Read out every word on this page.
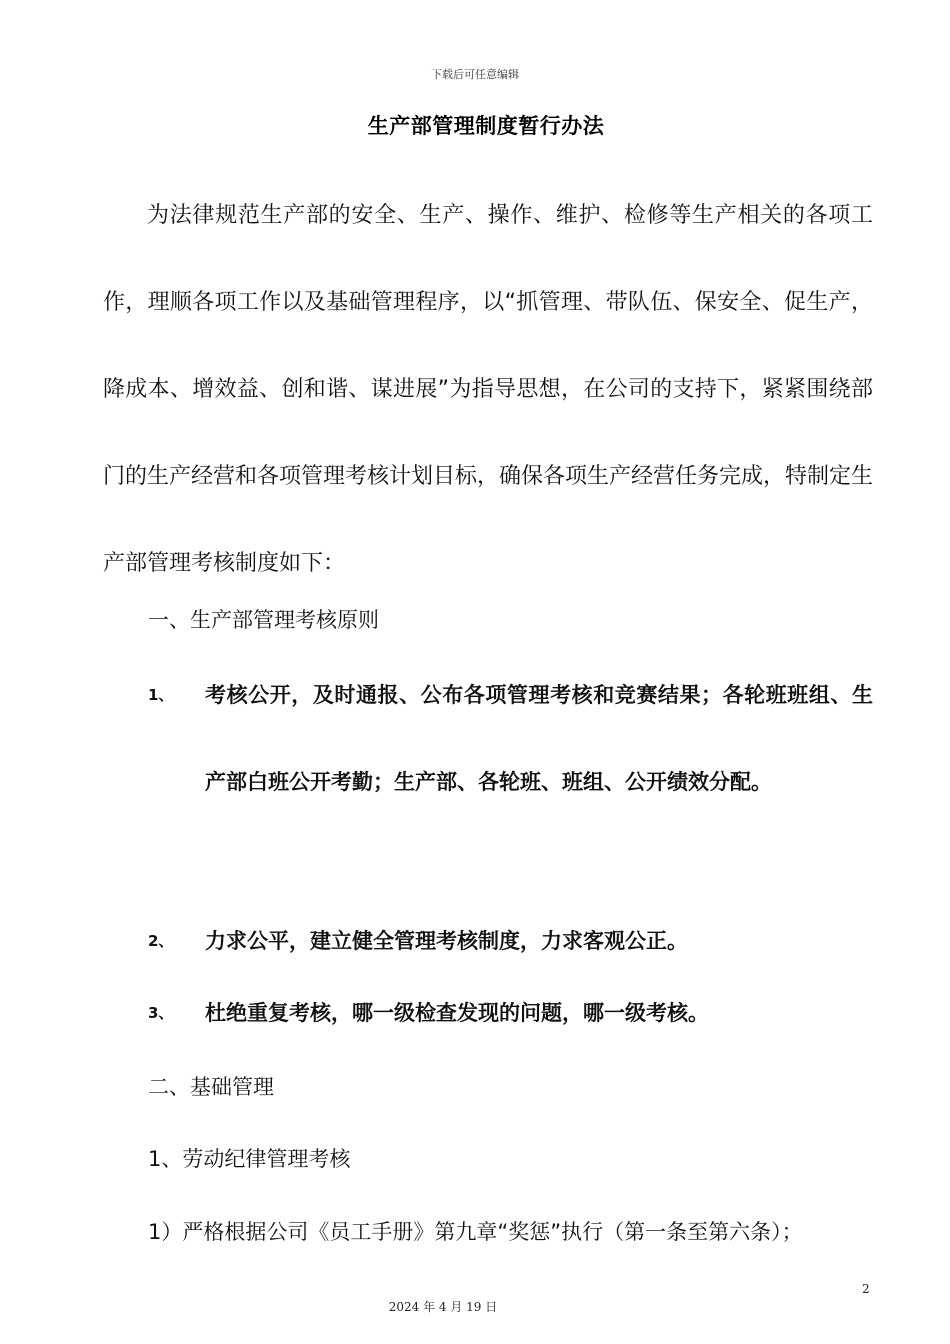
下载后可任意编辑
生产部管理制度暂行办法

为法律规范生产部的安全、生产、操作、维护、检修等生产相关的各项工作，理顺各项工作以及基础管理程序，以“抓管理、带队伍、保安全、促生产，降成本、增效益、创和谐、谋进展”为指导思想，在公司的支持下，紧紧围绕部门的生产经营和各项管理考核计划目标，确保各项生产经营任务完成，特制定生产部管理考核制度如下：

一、生产部管理考核原则
1、 考核公开，及时通报、公布各项管理考核和竞赛结果；各轮班班组、生产部白班公开考勤；生产部、各轮班、班组、公开绩效分配。
2、 力求公平，建立健全管理考核制度，力求客观公正。
3、 杜绝重复考核，哪一级检查发现的问题，哪一级考核。
二、基础管理
1、劳动纪律管理考核
1）严格根据公司《员工手册》第九章“奖惩”执行（第一条至第六条）；
2
2024 年 4 月 19 日
